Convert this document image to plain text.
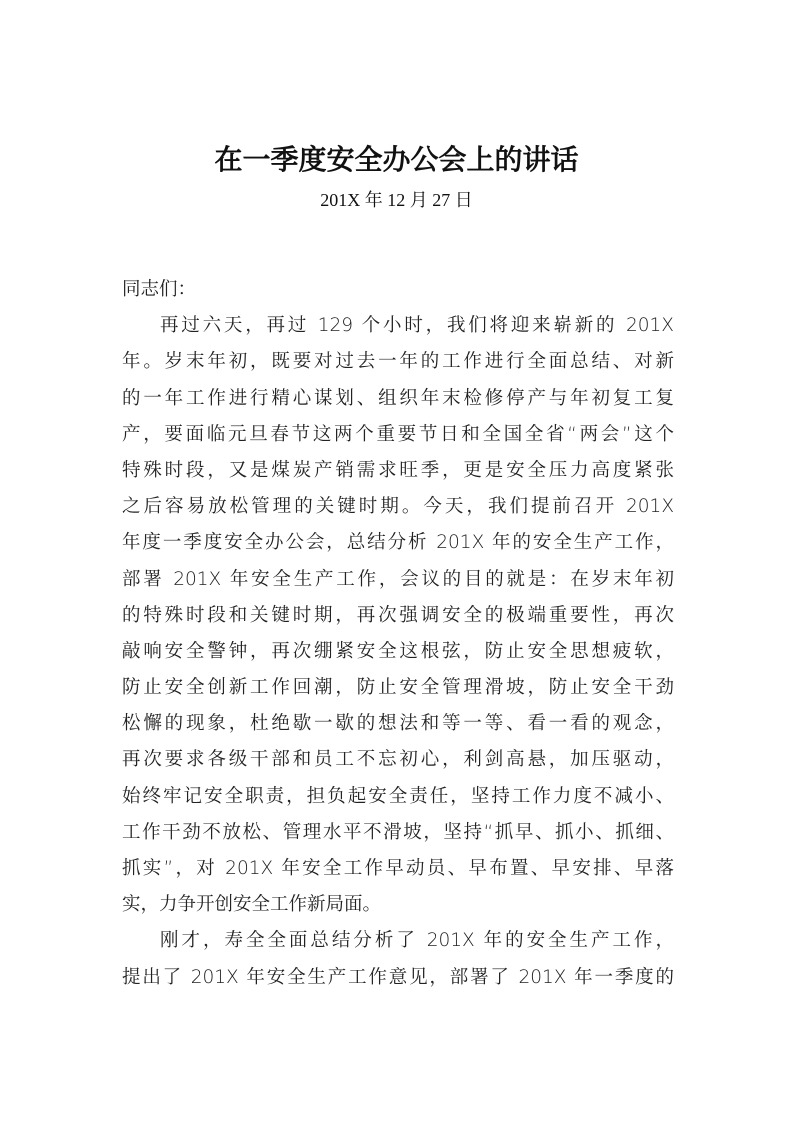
在一季度安全办公会上的讲话
201X 年 12 月 27 日
同志们：
再过六天，再过 129 个小时，我们将迎来崭新的 201X
年。岁末年初，既要对过去一年的工作进行全面总结、对新
的一年工作进行精心谋划、组织年末检修停产与年初复工复
产，要面临元旦春节这两个重要节日和全国全省“两会”这个
特殊时段，又是煤炭产销需求旺季，更是安全压力高度紧张
之后容易放松管理的关键时期。今天，我们提前召开 201X
年度一季度安全办公会，总结分析 201X 年的安全生产工作，
部署 201X 年安全生产工作，会议的目的就是：在岁末年初
的特殊时段和关键时期，再次强调安全的极端重要性，再次
敲响安全警钟，再次绷紧安全这根弦，防止安全思想疲软，
防止安全创新工作回潮，防止安全管理滑坡，防止安全干劲
松懈的现象，杜绝歇一歇的想法和等一等、看一看的观念，
再次要求各级干部和员工不忘初心，利剑高悬，加压驱动，
始终牢记安全职责，担负起安全责任，坚持工作力度不减小、
工作干劲不放松、管理水平不滑坡，坚持“抓早、抓小、抓细、
抓实”，对 201X 年安全工作早动员、早布置、早安排、早落
实，力争开创安全工作新局面。
刚才，寿全全面总结分析了 201X 年的安全生产工作，
提出了 201X 年安全生产工作意见，部署了 201X 年一季度的
